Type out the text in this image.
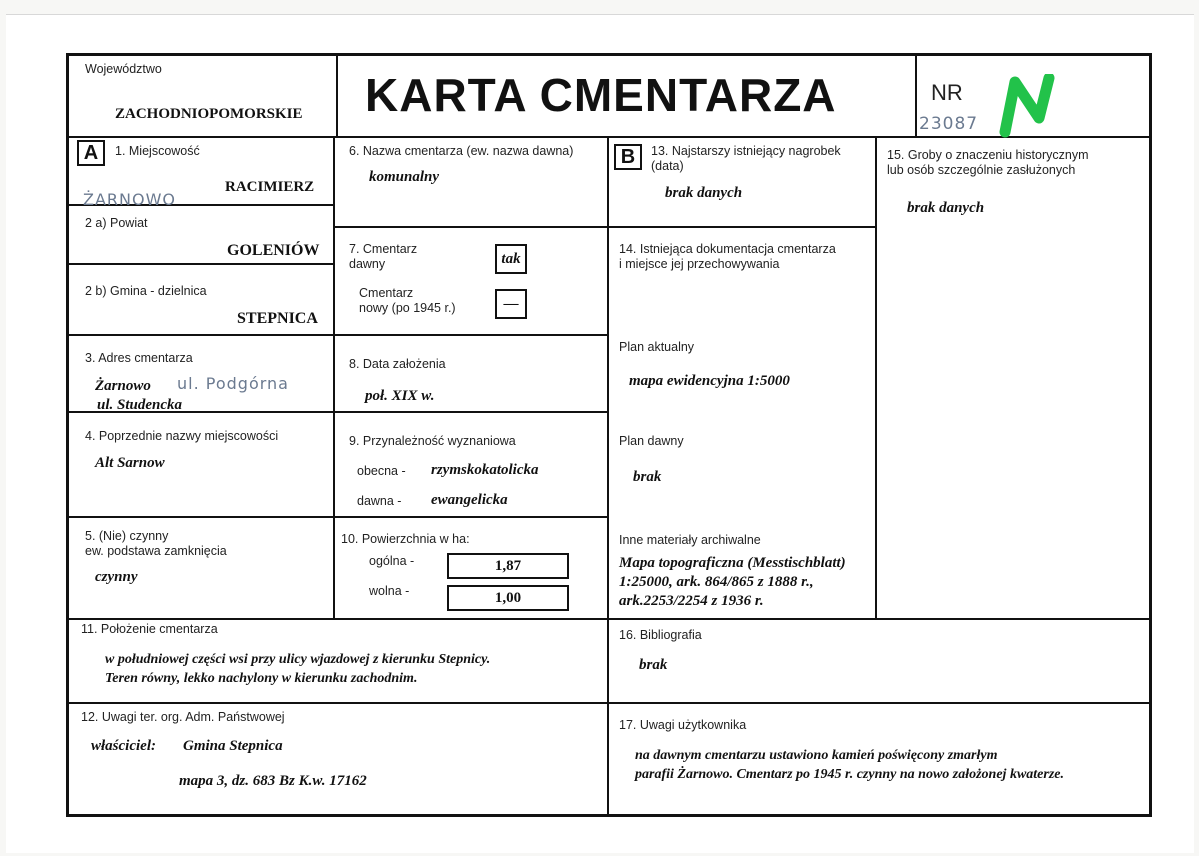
Województwo
ZACHODNIOPOMORSKIE KARTA CMENTARZA	NR
23087
A	1. Miejscowość
ŻARNOWO
RACIMIERZ
2 a) Powiat
GOLENIÓW
2 b) Gmina - dzielnica
STEPNICA
3. Adres cmentarza
Żarnowo
ul. Studencka
ul. Podgórna
4. Poprzednie nazwy miejscowości
Alt Sarnow
5. (Nie) czynny
ew. podstawa zamknięcia
czynny
6. Nazwa cmentarza (ew. nazwa dawna)
komunalny
7. Cmentarz
dawny	tak
Cmentarz
nowy (po 1945 r.)	—
8. Data założenia
poł. XIX w.
9. Przynależność wyznaniowa
obecna - rzymskokatolicka
dawna - ewangelicka
10. Powierzchnia w ha:
ogólna -	1,87
wolna -	1,00
B	13. Najstarszy istniejący nagrobek
(data)
brak danych
14. Istniejąca dokumentacja cmentarza
i miejsce jej przechowywania
Plan aktualny
mapa ewidencyjna 1:5000
Plan dawny
brak
Inne materiały archiwalne
Mapa topograficzna (Messtischblatt)
1:25000, ark. 864/865 z 1888 r.,
ark.2253/2254 z 1936 r.
15. Groby o znaczeniu historycznym
lub osób szczególnie zasłużonych
brak danych
11. Położenie cmentarza
w południowej części wsi przy ulicy wjazdowej z kierunku Stepnicy.
Teren równy, lekko nachylony w kierunku zachodnim.
16. Bibliografia
brak
12. Uwagi ter. org. Adm. Państwowej
właściciel: Gmina Stepnica
mapa 3, dz. 683 Bz K.w. 17162
17. Uwagi użytkownika
na dawnym cmentarzu ustawiono kamień poświęcony zmarłym
parafii Żarnowo. Cmentarz po 1945 r. czynny na nowo założonej kwaterze.
